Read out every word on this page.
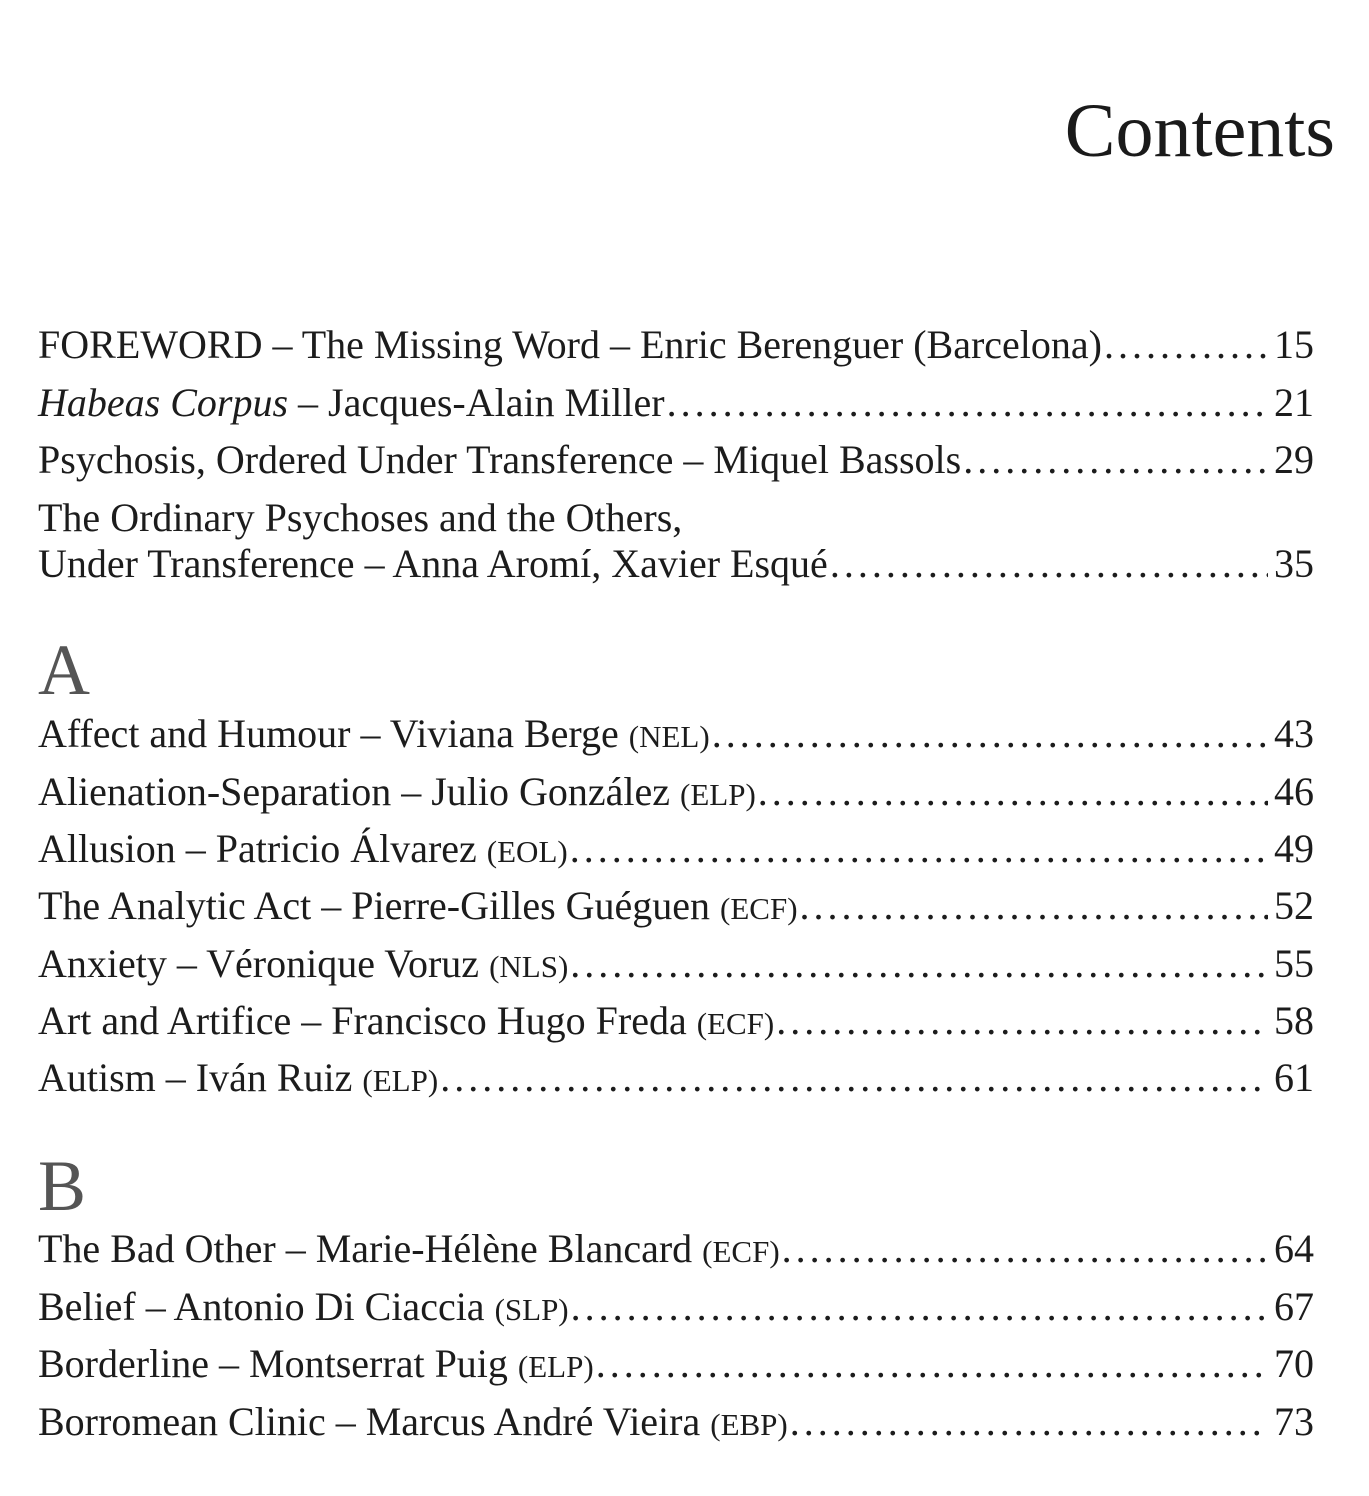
Contents
FOREWORD – The Missing Word – Enric Berenguer (Barcelona) . . .	15
Habeas Corpus – Jacques-Alain Miller . . .	21
Psychosis, Ordered Under Transference – Miquel Bassols . . .	29
The Ordinary Psychoses and the Others,
Under Transference – Anna Aromí, Xavier Esqué . . .	35
A
Affect and Humour – Viviana Berge (NEL) . . .	43
Alienation-Separation – Julio González (ELP) . . .	46
Allusion – Patricio Álvarez (EOL) . . .	49
The Analytic Act – Pierre-Gilles Guéguen (ECF) . . .	52
Anxiety – Véronique Voruz (NLS) . . .	55
Art and Artifice – Francisco Hugo Freda (ECF) . . .	58
Autism – Iván Ruiz (ELP) . . .	61
B
The Bad Other – Marie-Hélène Blancard (ECF) . . .	64
Belief – Antonio Di Ciaccia (SLP) . . .	67
Borderline – Montserrat Puig (ELP) . . .	70
Borromean Clinic – Marcus André Vieira (EBP) . . .	73
